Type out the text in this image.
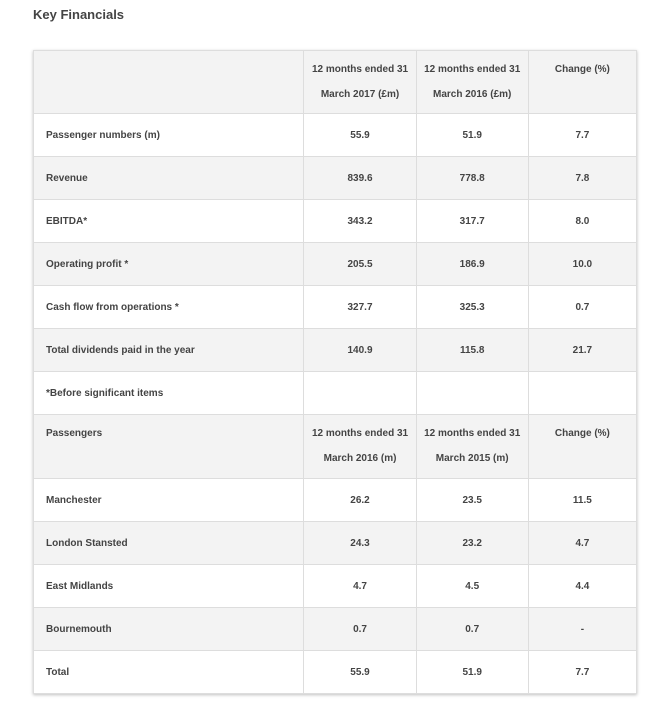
Key Financials
	12 months ended 31 March 2017 (£m)	12 months ended 31 March 2016 (£m)	Change (%)
Passenger numbers (m)	55.9	51.9	7.7
Revenue	839.6	778.8	7.8
EBITDA*	343.2	317.7	8.0
Operating profit *	205.5	186.9	10.0
Cash flow from operations *	327.7	325.3	0.7
Total dividends paid in the year	140.9	115.8	21.7
*Before significant items			
Passengers	12 months ended 31 March 2016 (m)	12 months ended 31 March 2015 (m)	Change (%)
Manchester	26.2	23.5	11.5
London Stansted	24.3	23.2	4.7
East Midlands	4.7	4.5	4.4
Bournemouth	0.7	0.7	-
Total	55.9	51.9	7.7
